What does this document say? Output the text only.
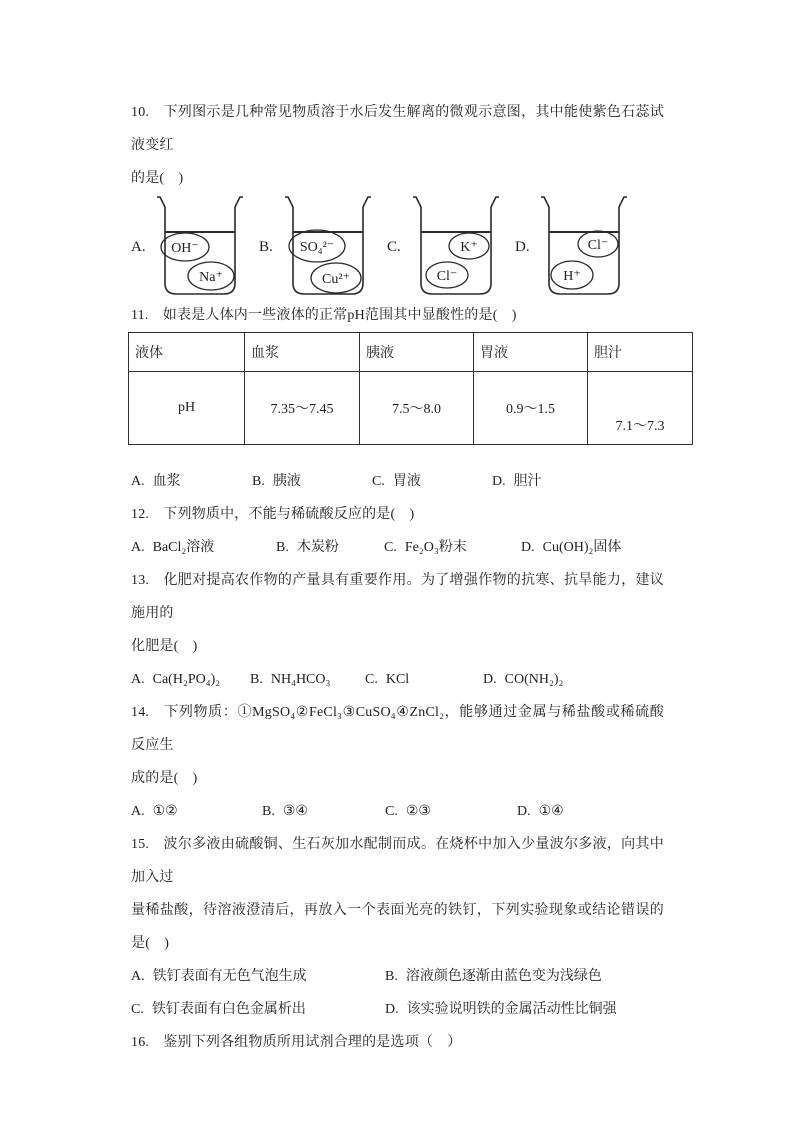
10.　下列图示是几种常见物质溶于水后发生解离的微观示意图，其中能使紫色石蕊试液变红
的是(　)
A.	OH⁻
Na⁺
B.	SO₄²⁻
Cu²⁺
C.	K⁺
Cl⁻
D.	Cl⁻
H⁺
11.　如表是人体内一些液体的正常pH范围其中显酸性的是(　)
液体	血浆	胰液	胃液	胆汁
pH	7.35～7.45	7.5～8.0	0.9～1.5	7.1～7.3
A. 血浆	B. 胰液	C. 胃液	D. 胆汁
12.　下列物质中，不能与稀硫酸反应的是(　)
A. BaCl₂溶液	B. 木炭粉	C. Fe₂O₃粉末	D. Cu(OH)₂固体
13.　化肥对提高农作物的产量具有重要作用。为了增强作物的抗寒、抗旱能力，建议施用的
化肥是(　)
A. Ca(H₂PO₄)₂ B. NH₄HCO₃ C. KCl	D. CO(NH₂)₂
14.　下列物质：①MgSO₄②FeCl₃③CuSO₄④ZnCl₂，能够通过金属与稀盐酸或稀硫酸反应生
成的是(　)
A. ①②	B. ③④	C. ②③	D. ①④
15.　波尔多液由硫酸铜、生石灰加水配制而成。在烧杯中加入少量波尔多液，向其中加入过
量稀盐酸，待溶液澄清后，再放入一个表面光亮的铁钉，下列实验现象或结论错误的是(　)
A. 铁钉表面有无色气泡生成	B. 溶液颜色逐渐由蓝色变为浅绿色
C. 铁钉表面有白色金属析出	D. 该实验说明铁的金属活动性比铜强
16.　鉴别下列各组物质所用试剂合理的是选项（　）
